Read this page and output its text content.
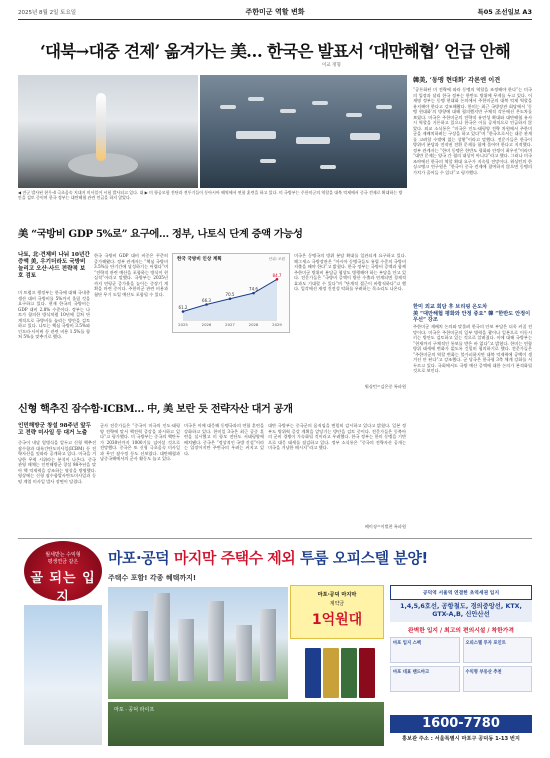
2025년 8월 2일 토요일	주한미군 역할 변화	특05 조선일보 A3
‘대북→대중 견제’ 옮겨가는 美… 한국은 발표서 ‘대만해협’ 언급 안해
이교 정형
◀ 전군 발사된 현무-4 극초음속 지대지 미사일이 시험 발사되고 있다. 대 ▶ 미 항공모함 전단과 전투기들이 동아시아 해역에서 연합 훈련을 하고 있다. 미 국방부는 주한미군의 역할을 대북 억제에서 중국 견제로 확대하는 방안을 검토 중이며 한국 정부는 대만해협 관련 언급을 하지 않았다.
韓美, ‘동맹 현대화’ 각론엔 이견
“공론화된 미 전략에 따라 동맹의 역할을 조정해야 한다”는 미국의 입장과 달리 한국 정부는 한반도 방위에 무게를 두고 있다. 이재명 정부는 동맹 현대화 논의에서 주한미군의 대북 억제 역할을 유지해야 한다고 강조해왔다. 한미는 최근 국방장관 회담에서 ‘동맹 현대화’의 방향에 대해 협의했지만 구체적 각론에선 온도차를 보였다. 미국은 주한미군의 전략적 유연성 확대와 대만해협 유사시 역할을 거론하고 있으나 한국은 이를 공개적으로 언급하지 않았다. 외교 소식통은 “미국은 인도·태평양 전략 차원에서 주한미군을 재배치하려는 구상을 하고 있다”며 “한국으로서는 대중 관계를 고려할 수밖에 없는 상황”이라고 말했다. 전문가들은 한국이 방위비 분담과 전작권 전환 문제를 함께 풀어야 한다고 지적했다. 정부 관계자는 “한미 동맹은 한반도 평화와 안정이 최우선”이라며 “대만 문제는 양국 간 협의 대상이 아니다”라고 했다. 그러나 미국 조야에선 한국의 역할 확대 요구가 지속될 전망이다. 워싱턴의 한 싱크탱크 연구원은 “한국이 중국 견제에 참여하지 않으면 동맹의 가치가 줄어들 수 있다”고 평가했다.
한미 외교 회담 후 브리핑 온도차
美 “대만해협 평화와 안정 중요” 韓 “한반도 안정이 우선” 강조
주한미군 재배치 논의와 맞물려 한국의 안보 부담은 더욱 커질 전망이다. 미국은 주한미군의 일부 병력을 괌이나 일본으로 이동시키는 방안도 검토하고 있는 것으로 알려졌다. 이에 대해 국방부는 “현재까지 구체적인 통보를 받은 바 없다”고 밝혔다. 한미는 연합 방위 태세에 변화가 없도록 긴밀히 협의하기로 했다. 전문가들은 “주한미군의 역할 변화는 불가피하지만 대북 억제력에 공백이 생겨선 안 된다”고 강조했다. 군 당국은 한국형 3축 체계 강화를 서두르고 있다. 국회에서도 국방 예산 증액에 대한 논의가 본격화될 것으로 보인다.
美 “국방비 GDP 5%로” 요구에… 정부, 나토식 단계 증액 가능성
나토, 北·견제비 나눠 10년간 증액 美, 우기더라도 국방비 늘리고 오산·사드 전략적 보호 검토
미 트럼프 행정부는 한국에 대해 국내총생산 대비 국방비를 5%까지 올릴 것을 요구하고 있다. 현재 한국의 국방비는 GDP 대비 2.8% 수준이다. 정부는 나토가 합의한 방식처럼 10년에 걸쳐 단계적으로 국방비를 늘리는 방안을 검토하고 있다. 나토는 핵심 국방비 3.5%와 인프라·사이버 등 관련 비용 1.5%를 합쳐 5%를 맞추기로 했다.
한국 국방비 GDP 대비 비중은 꾸준히 증가해왔다. 정부 관계자는 “핵심 국방비 3.5%를 단기간에 달성하기는 어렵다”며 “전략적 관련 예산을 포함하는 방식이 현실적”이라고 말했다. 국방부는 2035년까지 연평균 증가율을 높이는 중장기 계획을 마련 중이다. 주한미군 관련 비용과 첨단 무기 도입 예산도 포함될 수 있다.
미국은 동맹국의 방위 분담 확대를 일관되게 요구하고 있다. 헤그세스 국방장관은 “아시아 동맹국들도 유럽 수준의 국방비 지출을 해야 한다”고 밝혔다. 한국 정부는 국방비 증액과 함께 주한미군 방위비 분담금 협상도 병행해야 하는 부담을 안고 있다. 전문가들은 “국방비 증액이 방산 수출과 연계되면 경제적 효과도 기대할 수 있다”며 “단계적 접근이 바람직하다”고 했다. 일각에선 재정 건전성 악화를 우려하는 목소리도 나온다.
워싱턴=김은중 특파원
한국 국방비 인상 계획	단위: 조원
61.2
2025
66.3
2026
70.5
2027
74.6
2028
84.7
2029
신형 핵추진 잠수함·ICBM… 中, 美 보란 듯 전략자산 대거 공개
인민해방군 창설 98주년 앞두고 전략 미사일 등 대거 노출
중국이 내달 열병식을 앞두고 신형 핵추진 잠수함과 대륙간탄도미사일(ICBM) 등 전략자산을 잇따라 공개하고 있다. 미국을 겨냥한 무력 시위라는 분석이 나온다. 중국 관영 매체는 인민해방군 창설 98주년을 맞아 핵 억제력을 강조하는 영상을 방영했다. 영상에는 신형 잠수함발사탄도미사일과 둥펑 계열 미사일 발사 장면이 담겼다.
군사 전문가들은 “중국이 미국의 인도·태평양 전략에 맞서 핵전력 증강을 과시하고 있다”고 평가했다. 미 국방부는 중국의 핵탄두가 2030년까지 1000기를 넘어설 것으로 전망했다. 중국은 또 신형 극초음속 미사일과 무인 잠수정 등도 선보였다. 대만해협과 남중국해에서의 군사 활동도 늘고 있다.
미국은 이에 대응해 동맹국과의 연합 훈련을 강화하고 있다. 한미일 3국은 최근 공중 훈련을 실시했고 미 항모 전단도 서태평양에 배치됐다. 중국은 “정상적인 국방 건설”이라는 입장이지만 주변국의 우려는 커지고 있다.
대만 국방부는 중국군의 움직임을 면밀히 감시하고 있다고 밝혔다. 일본 정부도 방위력 증강 계획을 앞당기는 방안을 검토 중이다. 전문가들은 동북아의 군비 경쟁이 가속화될 것이라고 우려했다. 한국 정부는 한미 동맹을 기반으로 대응 태세를 점검하고 있다. 정부 소식통은 “중국의 전략자산 공개는 미국을 겨냥한 메시지”라고 했다.
베이징=이벌찬 특파원
월세받는 수익형
평생연금 같은
골 되는 입지
마포·공덕 마지막 주택수 제외 투룸 오피스텔 분양!
주택수 포함! 각종 혜택까지!
마포·공덕 마지막
계약금
1억원대
공덕역 서울역 연결한 초역세권 입지
1,4,5,6호선, 공항철도, 경의중앙선, KTX, GTX-A,B, 신안산선
완벽한 입지 / 최고의 편의시설 / 착한가격
마포 입지 스펙	오피스텔 투자 포인트
마포 대표 랜드마크	수익형 부동산 추천
마포 · 공덕 라이프
1600-7780
홍보관 주소 : 서울특별시 마포구 공덕동 1-13 번지
